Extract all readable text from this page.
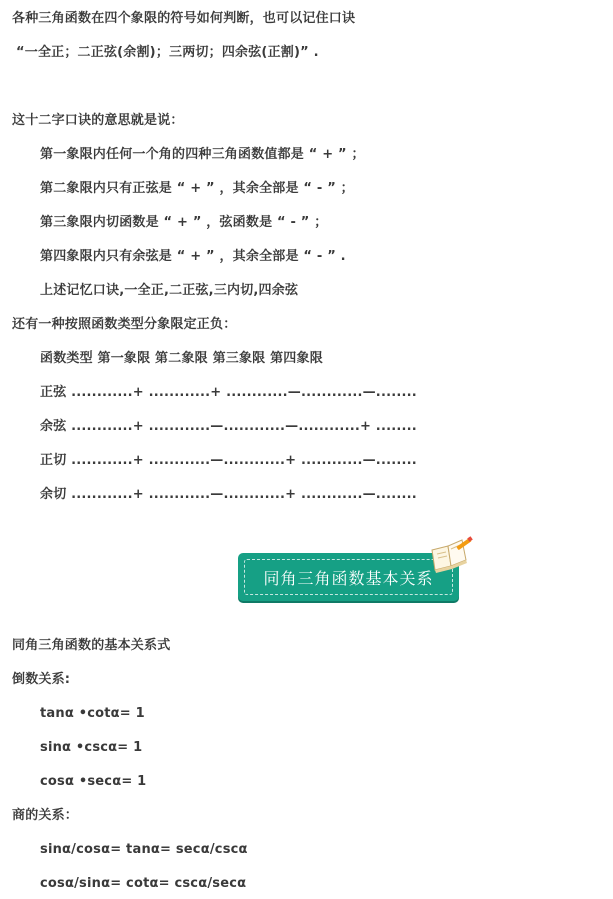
各种三角函数在四个象限的符号如何判断，也可以记住口诀
“一全正；二正弦(余割)；三两切；四余弦(正割)” .
这十二字口诀的意思就是说：
第一象限内任何一个角的四种三角函数值都是 “ + ” ；
第二象限内只有正弦是 “ + ” ，其余全部是 “ - ” ；
第三象限内切函数是 “ + ” ，弦函数是 “ - ” ；
第四象限内只有余弦是 “ + ” ，其余全部是 “ - ” .
上述记忆口诀,一全正,二正弦,三内切,四余弦
还有一种按照函数类型分象限定正负：
函数类型 第一象限 第二象限 第三象限 第四象限
正弦 ............+ ............+ ............—............—........
余弦 ............+ ............—............—............+ ........
正切 ............+ ............—............+ ............—........
余切 ............+ ............—............+ ............—........
同角三角函数基本关系
同角三角函数的基本关系式
倒数关系:
tanα •cotα= 1
sinα •cscα= 1
cosα •secα= 1
商的关系：
sinα/cosα= tanα= secα/cscα
cosα/sinα= cotα= cscα/secα
